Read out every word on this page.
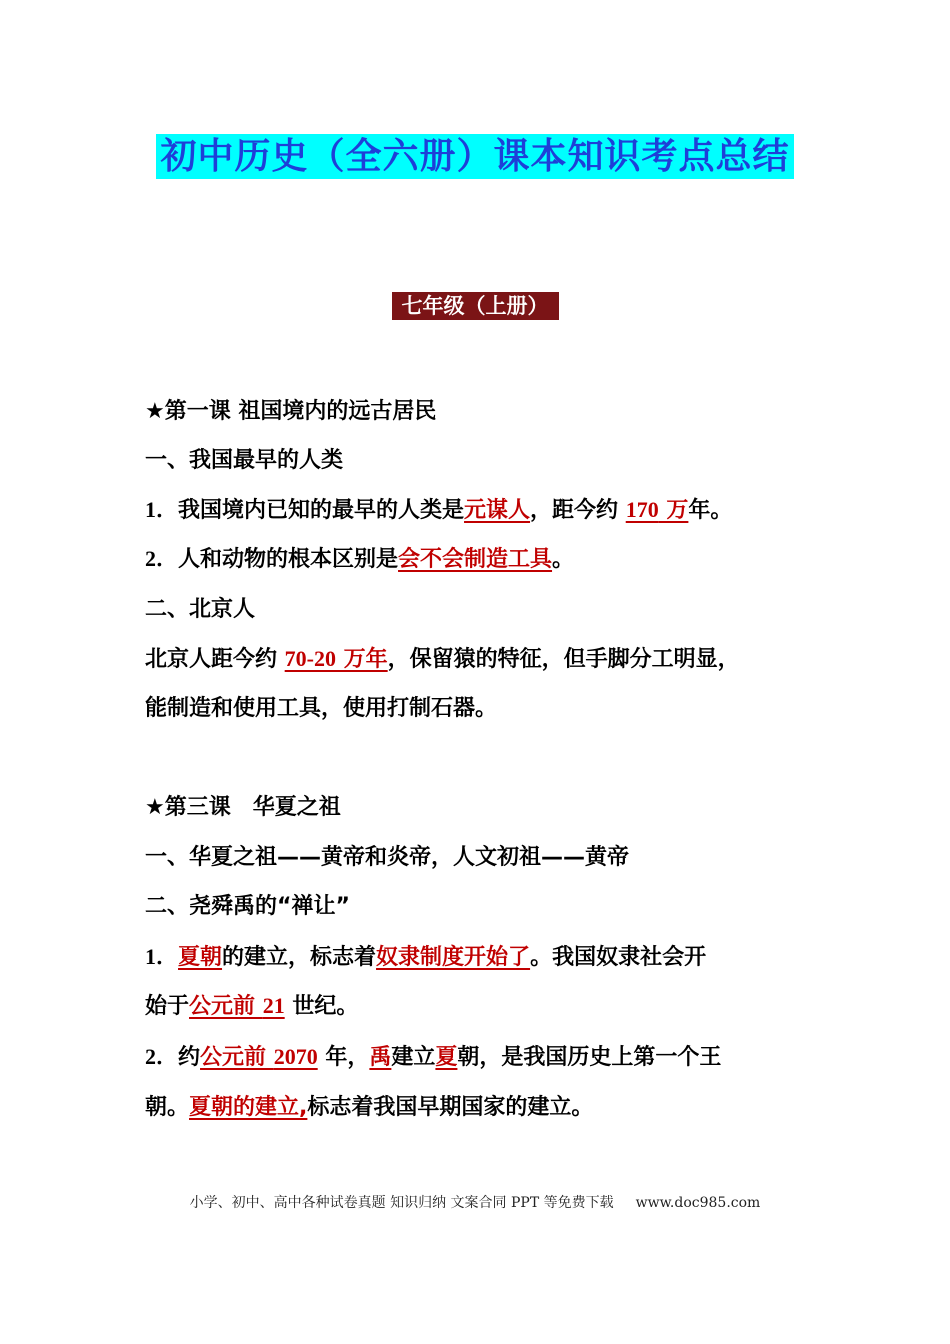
初中历史（全六册）课本知识考点总结
七年级（上册）
★第一课 祖国境内的远古居民
一、我国最早的人类
1．我国境内已知的最早的人类是元谋人，距今约 170 万年。
2．人和动物的根本区别是会不会制造工具。
二、北京人
北京人距今约 70-20 万年，保留猿的特征，但手脚分工明显，
能制造和使用工具，使用打制石器。
★第三课　华夏之祖
一、华夏之祖——黄帝和炎帝，人文初祖——黄帝
二、尧舜禹的“禅让”
1．夏朝的建立，标志着奴隶制度开始了。我国奴隶社会开
始于公元前 21 世纪。
2．约公元前 2070 年，禹建立夏朝，是我国历史上第一个王
朝。夏朝的建立,标志着我国早期国家的建立。
小学、初中、高中各种试卷真题 知识归纳 文案合同 PPT 等免费下载 www.doc985.com
